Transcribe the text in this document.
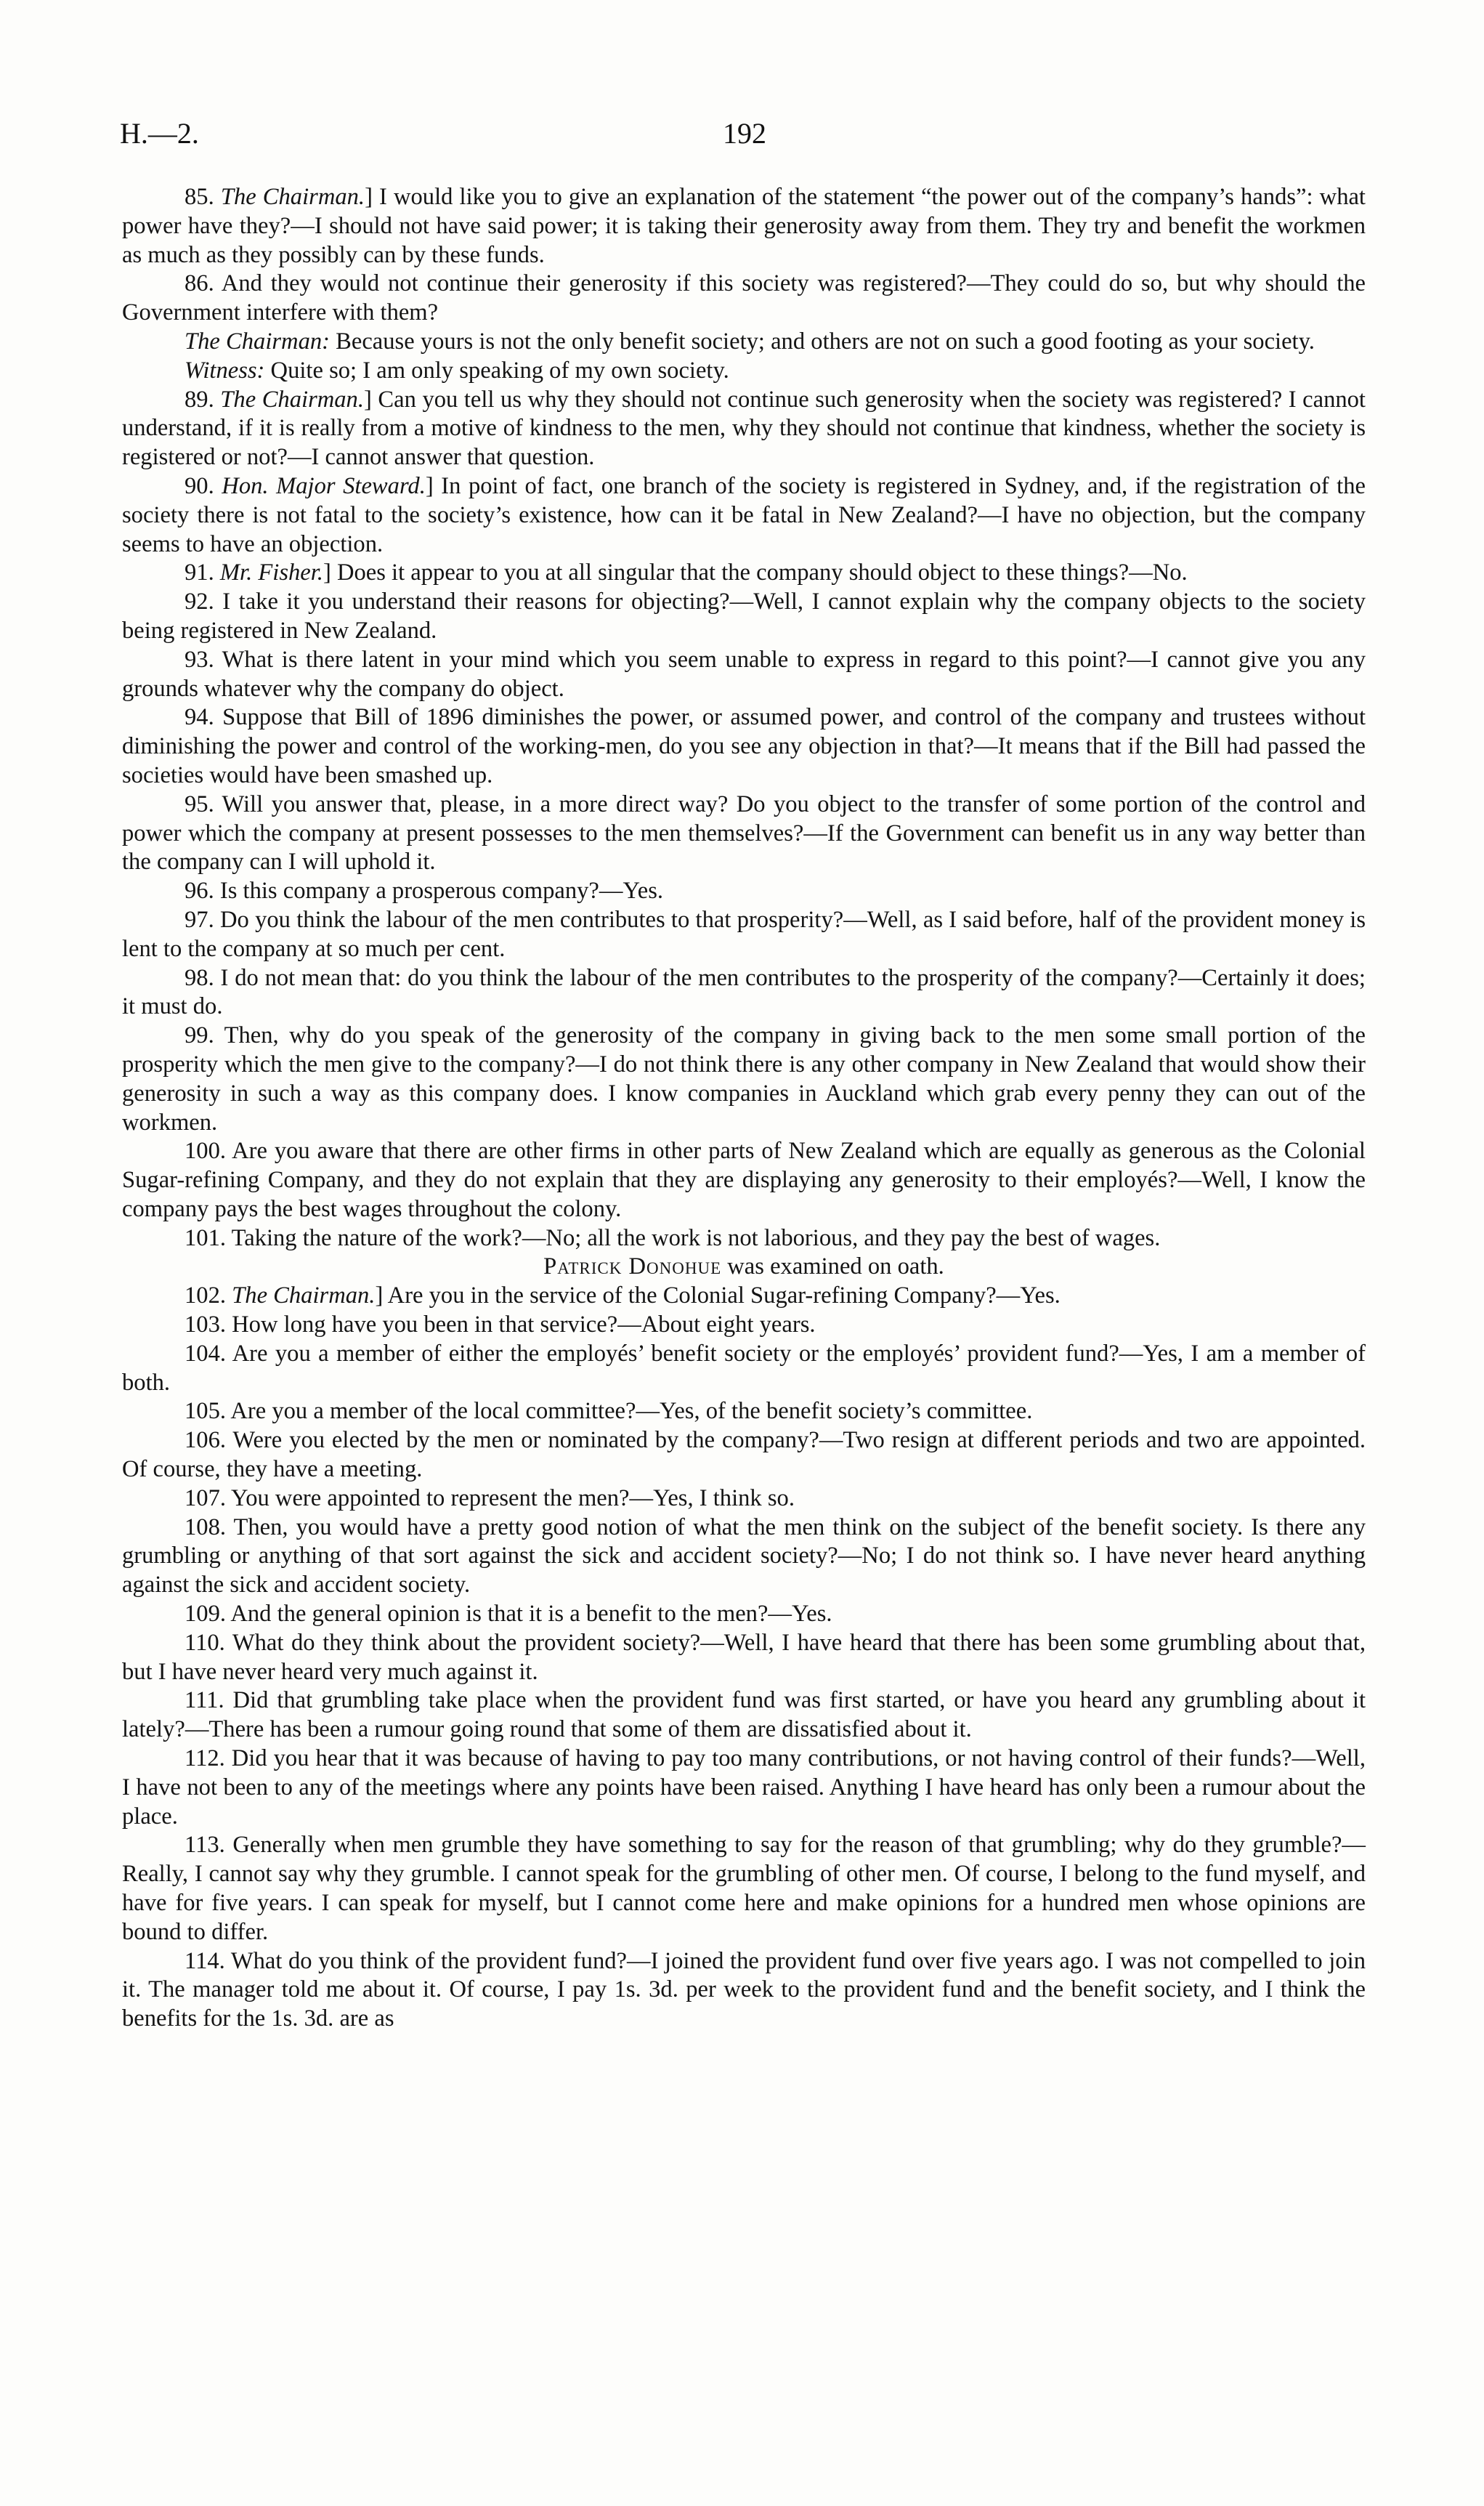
H.—2.	192

85. The Chairman.] I would like you to give an explanation of the statement “the power out of the company’s hands”: what power have they?—I should not have said power; it is taking their generosity away from them. They try and benefit the workmen as much as they possibly can by these funds.

86. And they would not continue their generosity if this society was registered?—They could do so, but why should the Government interfere with them?

The Chairman: Because yours is not the only benefit society; and others are not on such a good footing as your society.

Witness: Quite so; I am only speaking of my own society.

89. The Chairman.] Can you tell us why they should not continue such generosity when the society was registered? I cannot understand, if it is really from a motive of kindness to the men, why they should not continue that kindness, whether the society is registered or not?—I cannot answer that question.

90. Hon. Major Steward.] In point of fact, one branch of the society is registered in Sydney, and, if the registration of the society there is not fatal to the society’s existence, how can it be fatal in New Zealand?—I have no objection, but the company seems to have an objection.

91. Mr. Fisher.] Does it appear to you at all singular that the company should object to these things?—No.

92. I take it you understand their reasons for objecting?—Well, I cannot explain why the company objects to the society being registered in New Zealand.

93. What is there latent in your mind which you seem unable to express in regard to this point?—I cannot give you any grounds whatever why the company do object.

94. Suppose that Bill of 1896 diminishes the power, or assumed power, and control of the company and trustees without diminishing the power and control of the working-men, do you see any objection in that?—It means that if the Bill had passed the societies would have been smashed up.

95. Will you answer that, please, in a more direct way? Do you object to the transfer of some portion of the control and power which the company at present possesses to the men themselves?—If the Government can benefit us in any way better than the company can I will uphold it.

96. Is this company a prosperous company?—Yes.

97. Do you think the labour of the men contributes to that prosperity?—Well, as I said before, half of the provident money is lent to the company at so much per cent.

98. I do not mean that: do you think the labour of the men contributes to the prosperity of the company?—Certainly it does; it must do.

99. Then, why do you speak of the generosity of the company in giving back to the men some small portion of the prosperity which the men give to the company?—I do not think there is any other company in New Zealand that would show their generosity in such a way as this company does. I know companies in Auckland which grab every penny they can out of the workmen.

100. Are you aware that there are other firms in other parts of New Zealand which are equally as generous as the Colonial Sugar-refining Company, and they do not explain that they are displaying any generosity to their employés?—Well, I know the company pays the best wages throughout the colony.

101. Taking the nature of the work?—No; all the work is not laborious, and they pay the best of wages.

Patrick Donohue was examined on oath.

102. The Chairman.] Are you in the service of the Colonial Sugar-refining Company?—Yes.

103. How long have you been in that service?—About eight years.

104. Are you a member of either the employés’ benefit society or the employés’ provident fund?—Yes, I am a member of both.

105. Are you a member of the local committee?—Yes, of the benefit society’s committee.

106. Were you elected by the men or nominated by the company?—Two resign at different periods and two are appointed. Of course, they have a meeting.

107. You were appointed to represent the men?—Yes, I think so.

108. Then, you would have a pretty good notion of what the men think on the subject of the benefit society. Is there any grumbling or anything of that sort against the sick and accident society?—No; I do not think so. I have never heard anything against the sick and accident society.

109. And the general opinion is that it is a benefit to the men?—Yes.

110. What do they think about the provident society?—Well, I have heard that there has been some grumbling about that, but I have never heard very much against it.

111. Did that grumbling take place when the provident fund was first started, or have you heard any grumbling about it lately?—There has been a rumour going round that some of them are dissatisfied about it.

112. Did you hear that it was because of having to pay too many contributions, or not having control of their funds?—Well, I have not been to any of the meetings where any points have been raised. Anything I have heard has only been a rumour about the place.

113. Generally when men grumble they have something to say for the reason of that grumbling; why do they grumble?—Really, I cannot say why they grumble. I cannot speak for the grumbling of other men. Of course, I belong to the fund myself, and have for five years. I can speak for myself, but I cannot come here and make opinions for a hundred men whose opinions are bound to differ.

114. What do you think of the provident fund?—I joined the provident fund over five years ago. I was not compelled to join it. The manager told me about it. Of course, I pay 1s. 3d. per week to the provident fund and the benefit society, and I think the benefits for the 1s. 3d. are as
